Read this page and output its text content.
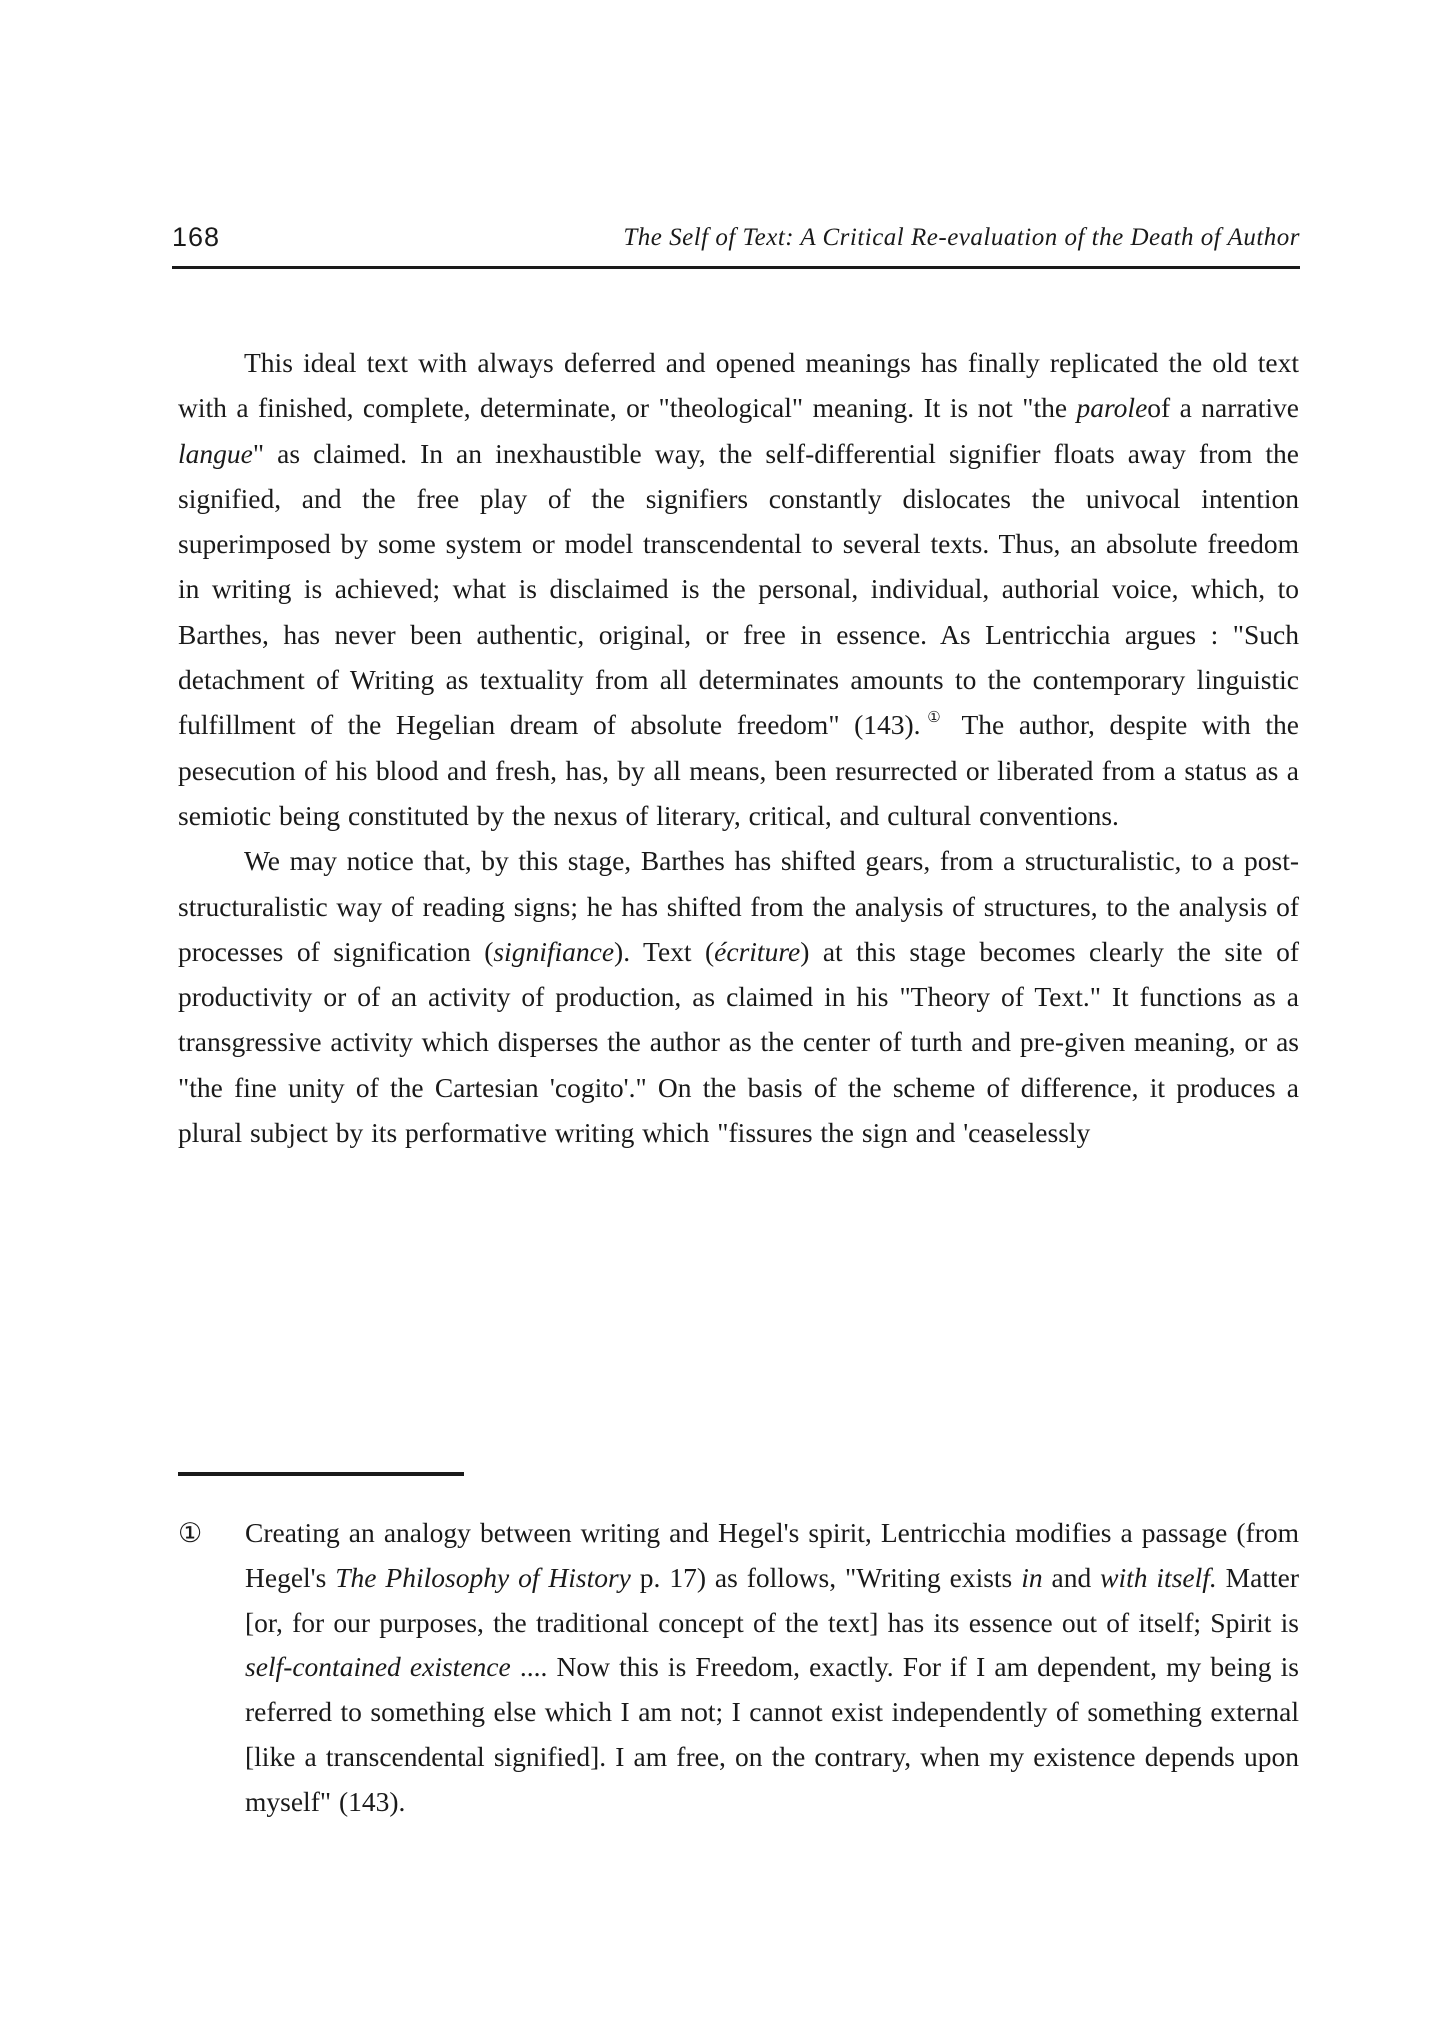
168	The Self of Text: A Critical Re-evaluation of the Death of Author

This ideal text with always deferred and opened meanings has finally replicated the old text with a finished, complete, determinate, or "theological" meaning. It is not "the paroleof a narrative langue" as claimed. In an inexhaustible way, the self-differential signifier floats away from the signified, and the free play of the signifiers constantly dislocates the univocal intention superimposed by some system or model transcendental to several texts. Thus, an absolute freedom in writing is achieved; what is disclaimed is the personal, individual, authorial voice, which, to Barthes, has never been authentic, original, or free in essence. As Lentricchia argues : "Such detachment of Writing as textuality from all determinates amounts to the contemporary linguistic fulfillment of the Hegelian dream of absolute freedom" (143).① The author, despite with the pesecution of his blood and fresh, has, by all means, been resurrected or liberated from a status as a semiotic being constituted by the nexus of literary, critical, and cultural conventions.

We may notice that, by this stage, Barthes has shifted gears, from a structuralistic, to a post-structuralistic way of reading signs; he has shifted from the analysis of structures, to the analysis of processes of signification (signifiance). Text (écriture) at this stage becomes clearly the site of productivity or of an activity of production, as claimed in his "Theory of Text." It functions as a transgressive activity which disperses the author as the center of turth and pre-given meaning, or as "the fine unity of the Cartesian 'cogito'." On the basis of the scheme of difference, it produces a plural subject by its performative writing which "fissures the sign and 'ceaselessly

① Creating an analogy between writing and Hegel's spirit, Lentricchia modifies a passage (from Hegel's The Philosophy of History p. 17) as follows, "Writing exists in and with itself. Matter [or, for our purposes, the traditional concept of the text] has its essence out of itself; Spirit is self-contained existence .... Now this is Freedom, exactly. For if I am dependent, my being is referred to something else which I am not; I cannot exist independently of something external [like a transcendental signified]. I am free, on the contrary, when my existence depends upon myself" (143).
